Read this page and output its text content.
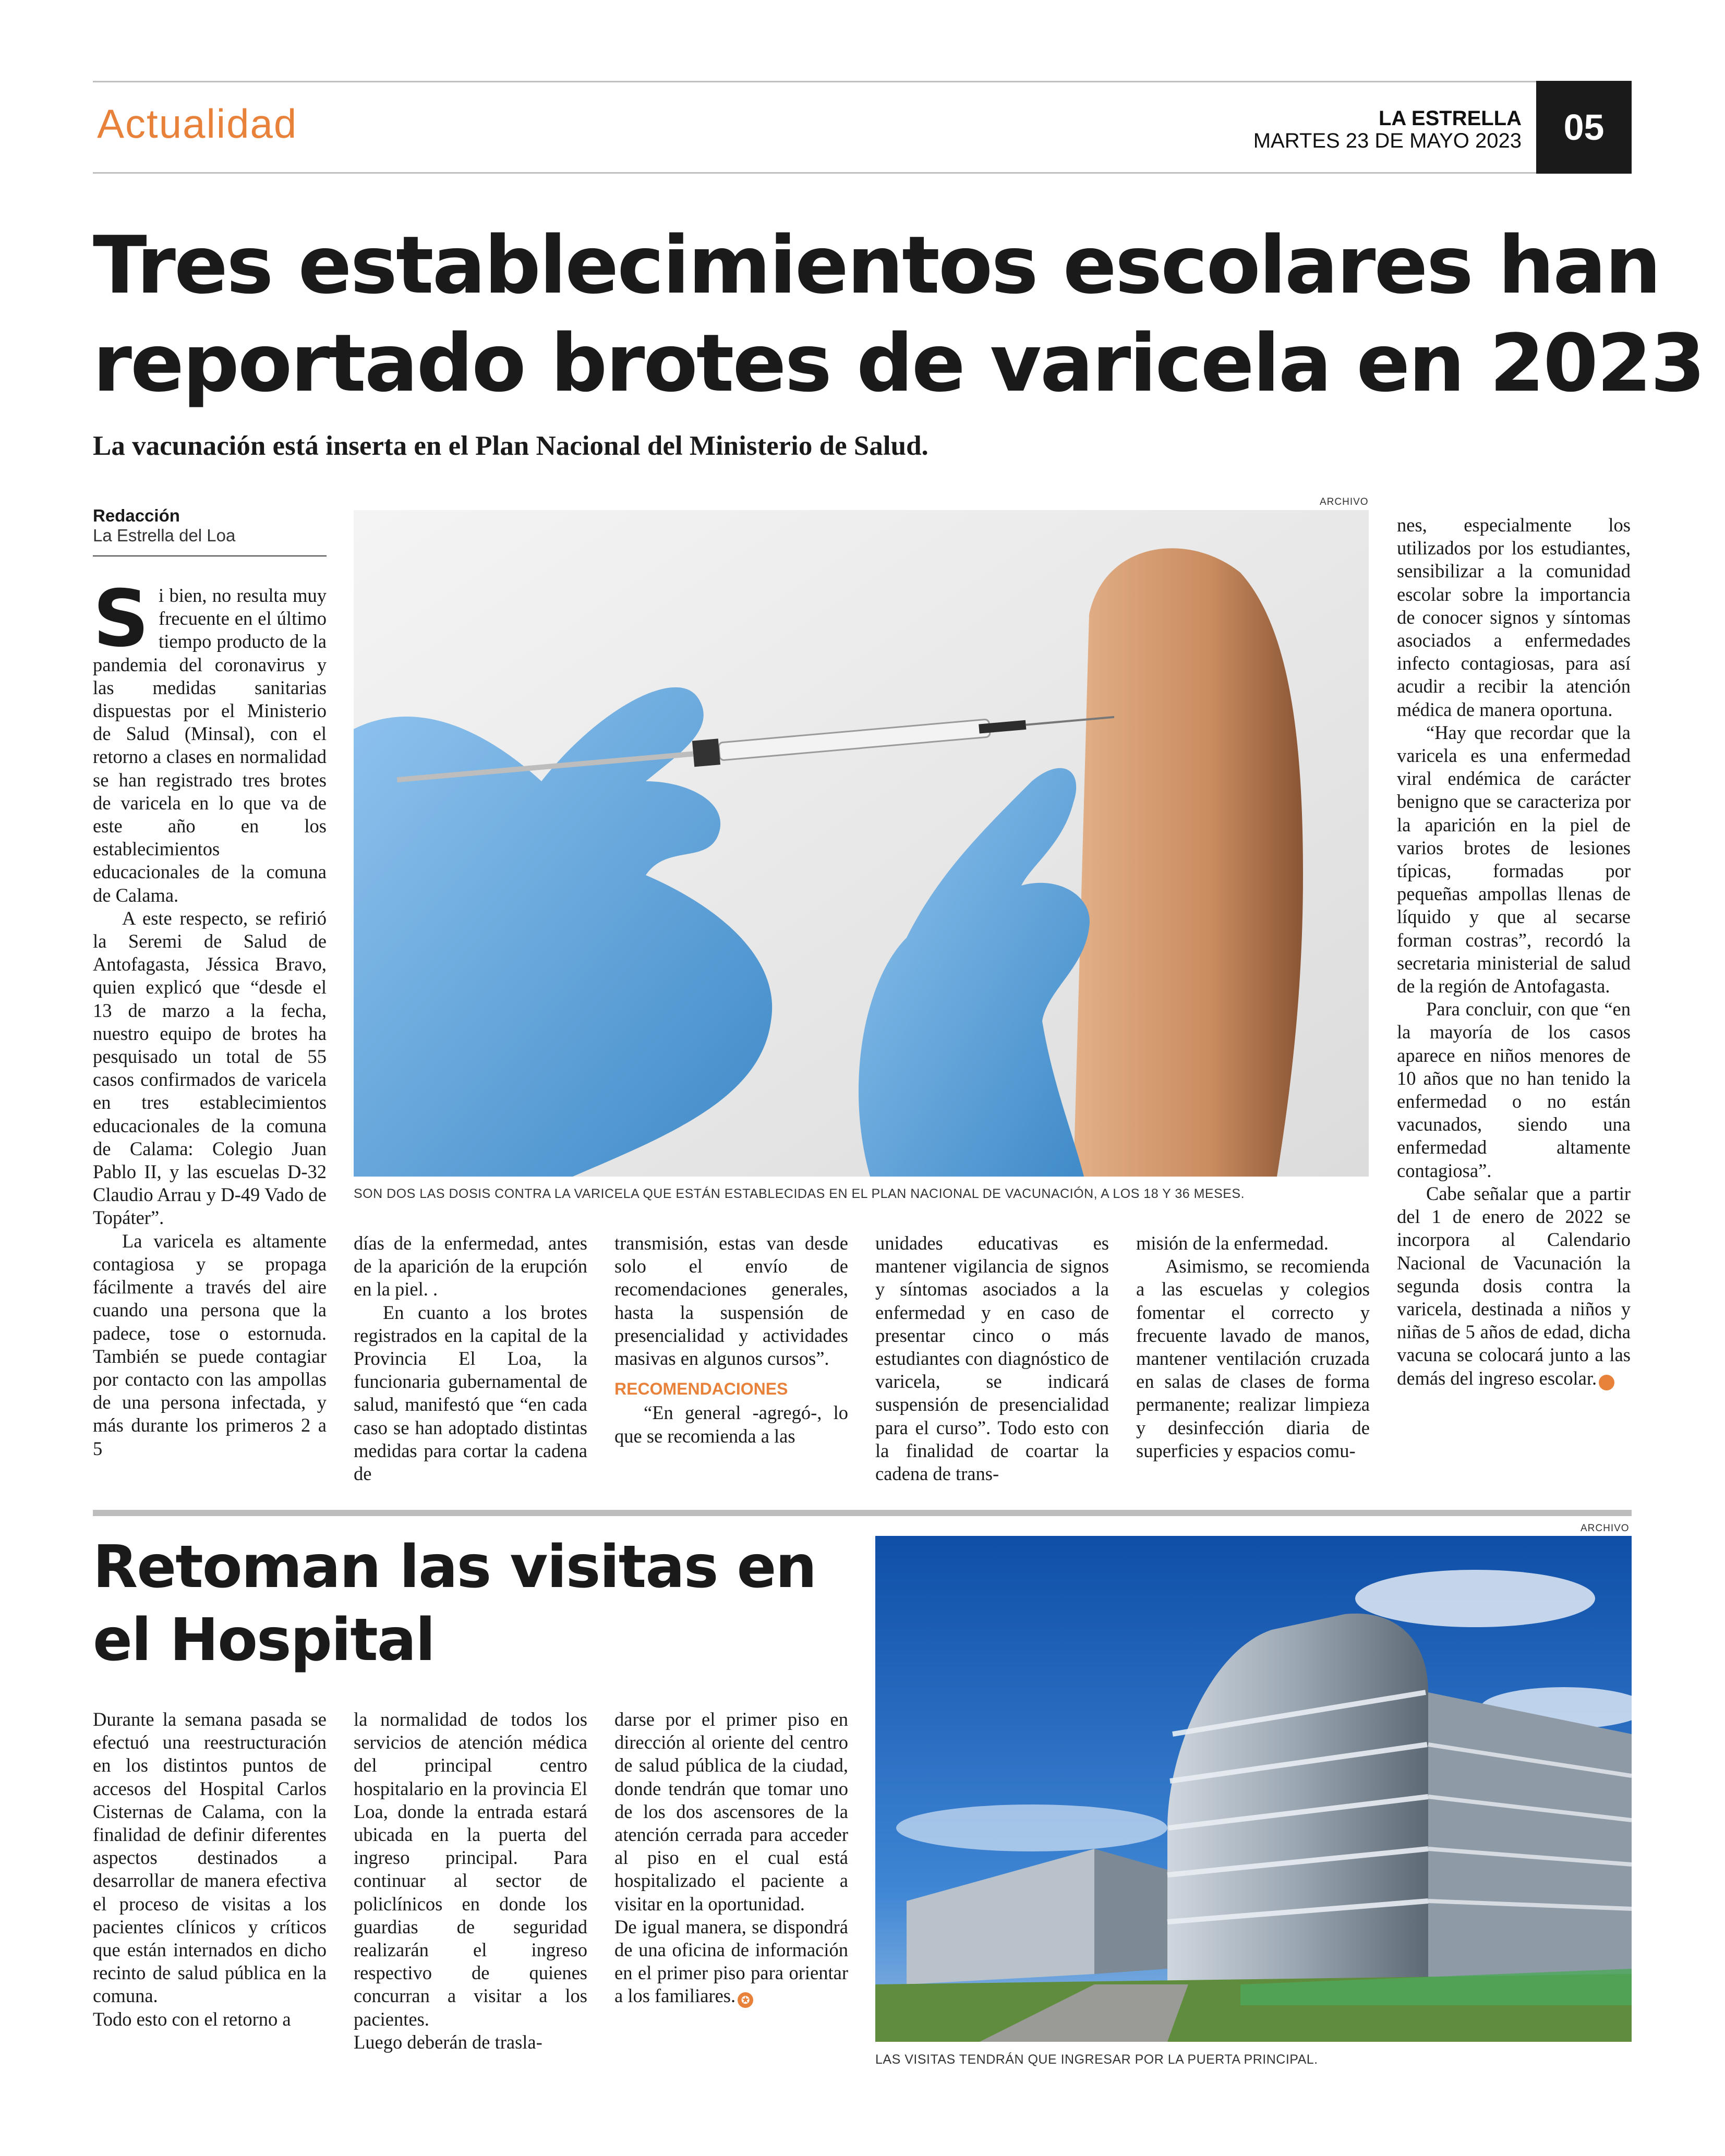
Actualidad	LA ESTRELLA
MARTES 23 DE MAYO 2023	05
Tres establecimientos escolares han
reportado brotes de varicela en 2023
La vacunación está inserta en el Plan Nacional del Ministerio de Salud.
Redacción
La Estrella del Loa
ARCHIVO
SON DOS LAS DOSIS CONTRA LA VARICELA QUE ESTÁN ESTABLECIDAS EN EL PLAN NACIONAL DE VACUNACIÓN, A LOS 18 Y 36 MESES.
S i bien, no resulta muy frecuente en el último tiempo producto de la pandemia del coronavirus y las medidas sanitarias dispuestas por el Ministerio de Salud (Minsal), con el retorno a clases en normalidad se han registrado tres brotes de varicela en lo que va de este año en los establecimientos educacionales de la comuna de Calama.

A este respecto, se refirió la Seremi de Salud de Antofagasta, Jéssica Bravo, quien explicó que “desde el 13 de marzo a la fecha, nuestro equipo de brotes ha pesquisado un total de 55 casos confirmados de varicela en tres establecimientos educacionales de la comuna de Calama: Colegio Juan Pablo II, y las escuelas D-32 Claudio Arrau y D-49 Vado de Topáter”.

La varicela es altamente contagiosa y se propaga fácilmente a través del aire cuando una persona que la padece, tose o estornuda. También se puede contagiar por contacto con las ampollas de una persona infectada, y más durante los primeros 2 a 5

días de la enfermedad, antes de la aparición de la erupción en la piel. .

En cuanto a los brotes registrados en la capital de la Provincia El Loa, la funcionaria gubernamental de salud, manifestó que “en cada caso se han adoptado distintas medidas para cortar la cadena de

transmisión, estas van desde solo el envío de recomendaciones generales, hasta la suspensión de presencialidad y actividades masivas en algunos cursos”.

RECOMENDACIONES

“En general -agregó-, lo que se recomienda a las

unidades educativas es mantener vigilancia de signos y síntomas asociados a la enfermedad y en caso de presentar cinco o más estudiantes con diagnóstico de varicela, se indicará suspensión de presencialidad para el curso”. Todo esto con la finalidad de coartar la cadena de trans-

misión de la enfermedad.

Asimismo, se recomienda a las escuelas y colegios fomentar el correcto y frecuente lavado de manos, mantener ventilación cruzada en salas de clases de forma permanente; realizar limpieza y desinfección diaria de superficies y espacios comu-

nes, especialmente los utilizados por los estudiantes, sensibilizar a la comunidad escolar sobre la importancia de conocer signos y síntomas asociados a enfermedades infecto contagiosas, para así acudir a recibir la atención médica de manera oportuna.

“Hay que recordar que la varicela es una enfermedad viral endémica de carácter benigno que se caracteriza por la aparición en la piel de varios brotes de lesiones típicas, formadas por pequeñas ampollas llenas de líquido y que al secarse forman costras”, recordó la secretaria ministerial de salud de la región de Antofagasta.

Para concluir, con que “en la mayoría de los casos aparece en niños menores de 10 años que no han tenido la enfermedad o no están vacunados, siendo una enfermedad altamente contagiosa”.

Cabe señalar que a partir del 1 de enero de 2022 se incorpora al Calendario Nacional de Vacunación la segunda dosis contra la varicela, destinada a niños y niñas de 5 años de edad, dicha vacuna se colocará junto a las demás del ingreso escolar.	✪

Retoman las visitas en
el Hospital

Durante la semana pasada se efectuó una reestructuración en los distintos puntos de accesos del Hospital Carlos Cisternas de Calama, con la finalidad de definir diferentes aspectos destinados a desarrollar de manera efectiva el proceso de visitas a los pacientes clínicos y críticos que están internados en dicho recinto de salud pública en la comuna.

Todo esto con el retorno a

la normalidad de todos los servicios de atención médica del principal centro hospitalario en la provincia El Loa, donde la entrada estará ubicada en la puerta del ingreso principal. Para continuar al sector de policlínicos en donde los guardias de seguridad realizarán el ingreso respectivo de quienes concurran a visitar a los pacientes.

Luego deberán de trasla-

darse por el primer piso en dirección al oriente del centro de salud pública de la ciudad, donde tendrán que tomar uno de los dos ascensores de la atención cerrada para acceder al piso en el cual está hospitalizado el paciente a visitar en la oportunidad.

De igual manera, se dispondrá de una oficina de información en el primer piso para orientar a los familiares. ✪

ARCHIVO
LAS VISITAS TENDRÁN QUE INGRESAR POR LA PUERTA PRINCIPAL.
